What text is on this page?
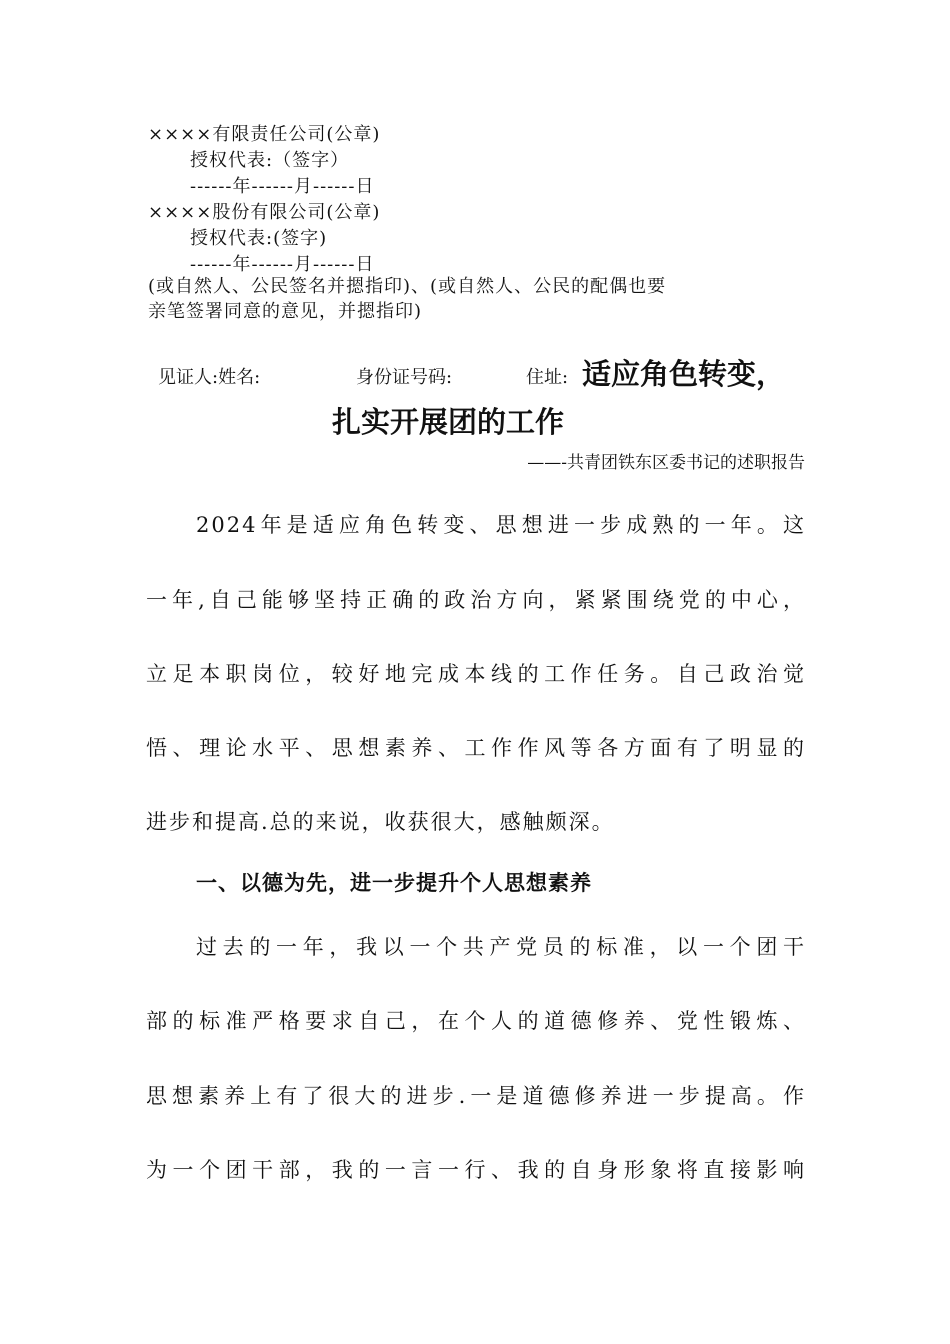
××××有限责任公司(公章)
授权代表:（签字）
------年------月------日
××××股份有限公司(公章)
授权代表:(签字)
------年------月------日
(或自然人、公民签名并摁指印)、(或自然人、公民的配偶也要
亲笔签署同意的意见，并摁指印)
见证人:姓名:	身份证号码:	住址: 适应角色转变，
扎实开展团的工作
——-共青团铁东区委书记的述职报告
2024年是适应角色转变、思想进一步成熟的一年。这
一年,自己能够坚持正确的政治方向，紧紧围绕党的中心，
立足本职岗位，较好地完成本线的工作任务。自己政治觉
悟、理论水平、思想素养、工作作风等各方面有了明显的
进步和提高.总的来说，收获很大，感触颇深。
一、以德为先，进一步提升个人思想素养
过去的一年，我以一个共产党员的标准，以一个团干
部的标准严格要求自己，在个人的道德修养、党性锻炼、
思想素养上有了很大的进步.一是道德修养进一步提高。作
为一个团干部，我的一言一行、我的自身形象将直接影响
